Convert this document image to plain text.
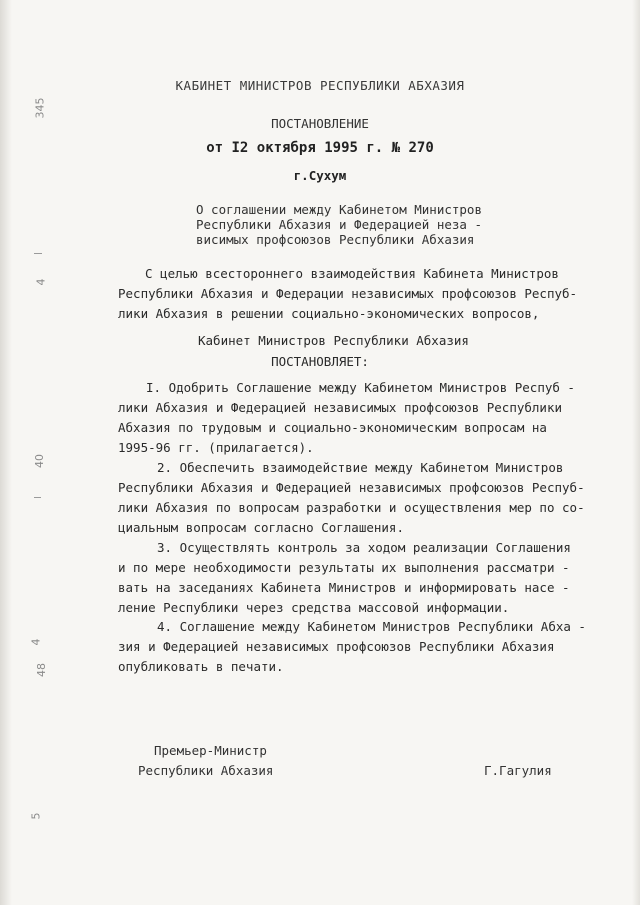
345
4
40
4
48
5
КАБИНЕТ МИНИСТРОВ РЕСПУБЛИКИ АБХАЗИЯ
ПОСТАНОВЛЕНИЕ
от I2 октября 1995 г. № 270
г.Сухум
О соглашении между Кабинетом Министров
Республики Абхазия и Федерацией неза -
висимых профсоюзов Республики Абхазия
С целью всестороннего взаимодействия Кабинета Министров
Республики Абхазия и Федерации независимых профсоюзов Респуб-
лики Абхазия в решении социально-экономических вопросов,
Кабинет Министров Республики Абхазия
ПОСТАНОВЛЯЕТ:
I. Одобрить Соглашение между Кабинетом Министров Респуб -
лики Абхазия и Федерацией независимых профсоюзов Республики
Абхазия по трудовым и социально-экономическим вопросам на
1995-96 гг. (прилагается).
2. Обеспечить взаимодействие между Кабинетом Министров
Республики Абхазия и Федерацией независимых профсоюзов Респуб-
лики Абхазия по вопросам разработки и осуществления мер по со-
циальным вопросам согласно Соглашения.
3. Осуществлять контроль за ходом реализации Соглашения
и по мере необходимости результаты их выполнения рассматри -
вать на заседаниях Кабинета Министров и информировать насе -
ление Республики через средства массовой информации.
4. Соглашение между Кабинетом Министров Республики Абха -
зия и Федерацией независимых профсоюзов Республики Абхазия
опубликовать в печати.
Премьер-Министр
Республики Абхазия	Г.Гагулия
